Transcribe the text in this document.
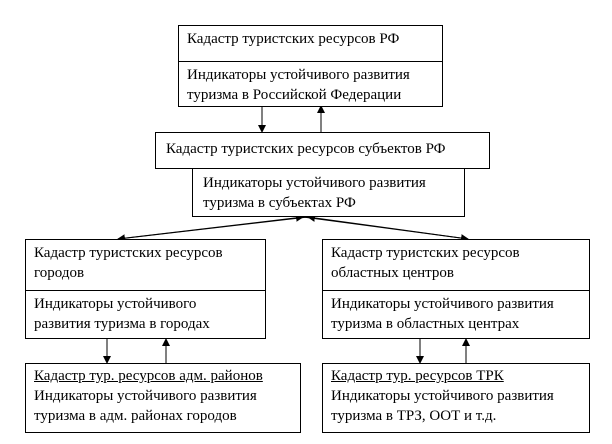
Кадастр туристских ресурсов РФ
Индикаторы устойчивого развития
туризма в Российской Федерации
Кадастр туристских ресурсов субъектов РФ
Индикаторы устойчивого развития
туризма в субъектах РФ
Кадастр туристских ресурсов
городов
Индикаторы устойчивого
развития туризма в городах
Кадастр туристских ресурсов
областных центров
Индикаторы устойчивого развития
туризма в областных центрах
Кадастр тур. ресурсов адм. районов
Индикаторы устойчивого развития
туризма в адм. районах городов
Кадастр тур. ресурсов ТРК
Индикаторы устойчивого развития
туризма в ТРЗ, ООТ и т.д.
